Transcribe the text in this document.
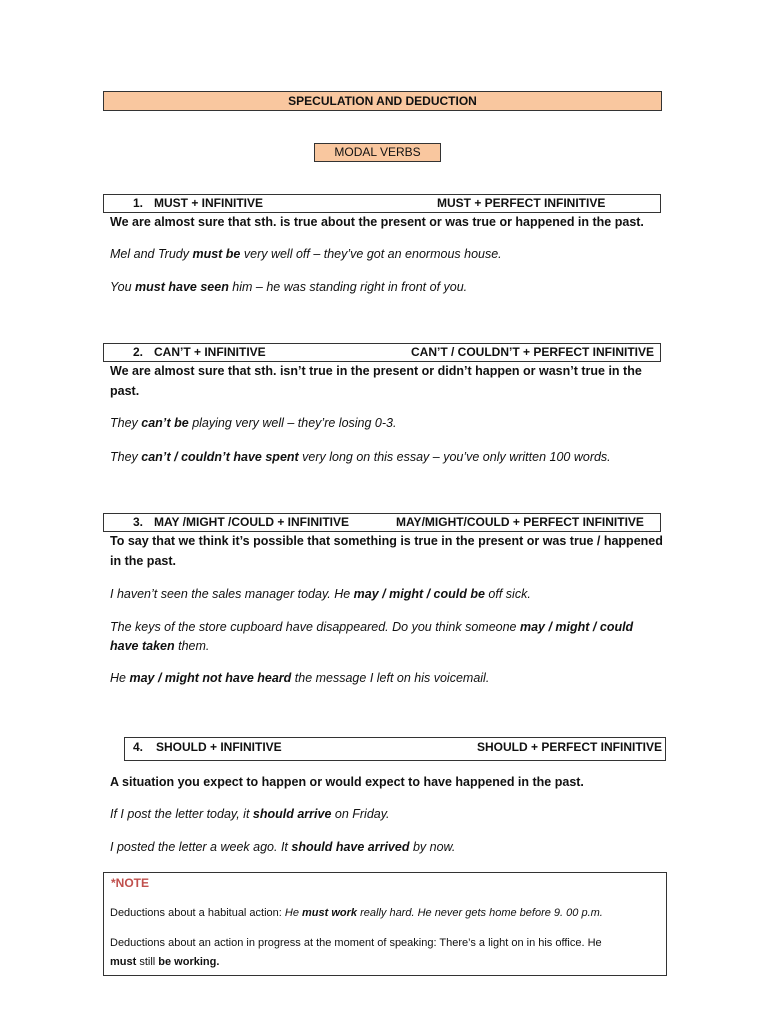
SPECULATION AND DEDUCTION
MODAL VERBS
1. MUST + INFINITIVE	MUST + PERFECT INFINITIVE
We are almost sure that sth. is true about the present or was true or happened in the past.
Mel and Trudy must be very well off – they’ve got an enormous house.
You must have seen him – he was standing right in front of you.
2. CAN’T + INFINITIVE	CAN’T / COULDN’T + PERFECT INFINITIVE
We are almost sure that sth. isn’t true in the present or didn’t happen or wasn’t true in the
past.
They can’t be playing very well – they’re losing 0-3.
They can’t / couldn’t have spent very long on this essay – you’ve only written 100 words.
3. MAY /MIGHT /COULD + INFINITIVE	MAY/MIGHT/COULD + PERFECT INFINITIVE
To say that we think it’s possible that something is true in the present or was true / happened
in the past.
I haven’t seen the sales manager today. He may / might / could be off sick.
The keys of the store cupboard have disappeared. Do you think someone may / might / could
have taken them.
He may / might not have heard the message I left on his voicemail.
4. SHOULD + INFINITIVE	SHOULD + PERFECT INFINITIVE
A situation you expect to happen or would expect to have happened in the past.
If I post the letter today, it should arrive on Friday.
I posted the letter a week ago. It should have arrived by now.
*NOTE
Deductions about a habitual action: He must work really hard. He never gets home before 9. 00 p.m.
Deductions about an action in progress at the moment of speaking: There’s a light on in his office. He
must still be working.
